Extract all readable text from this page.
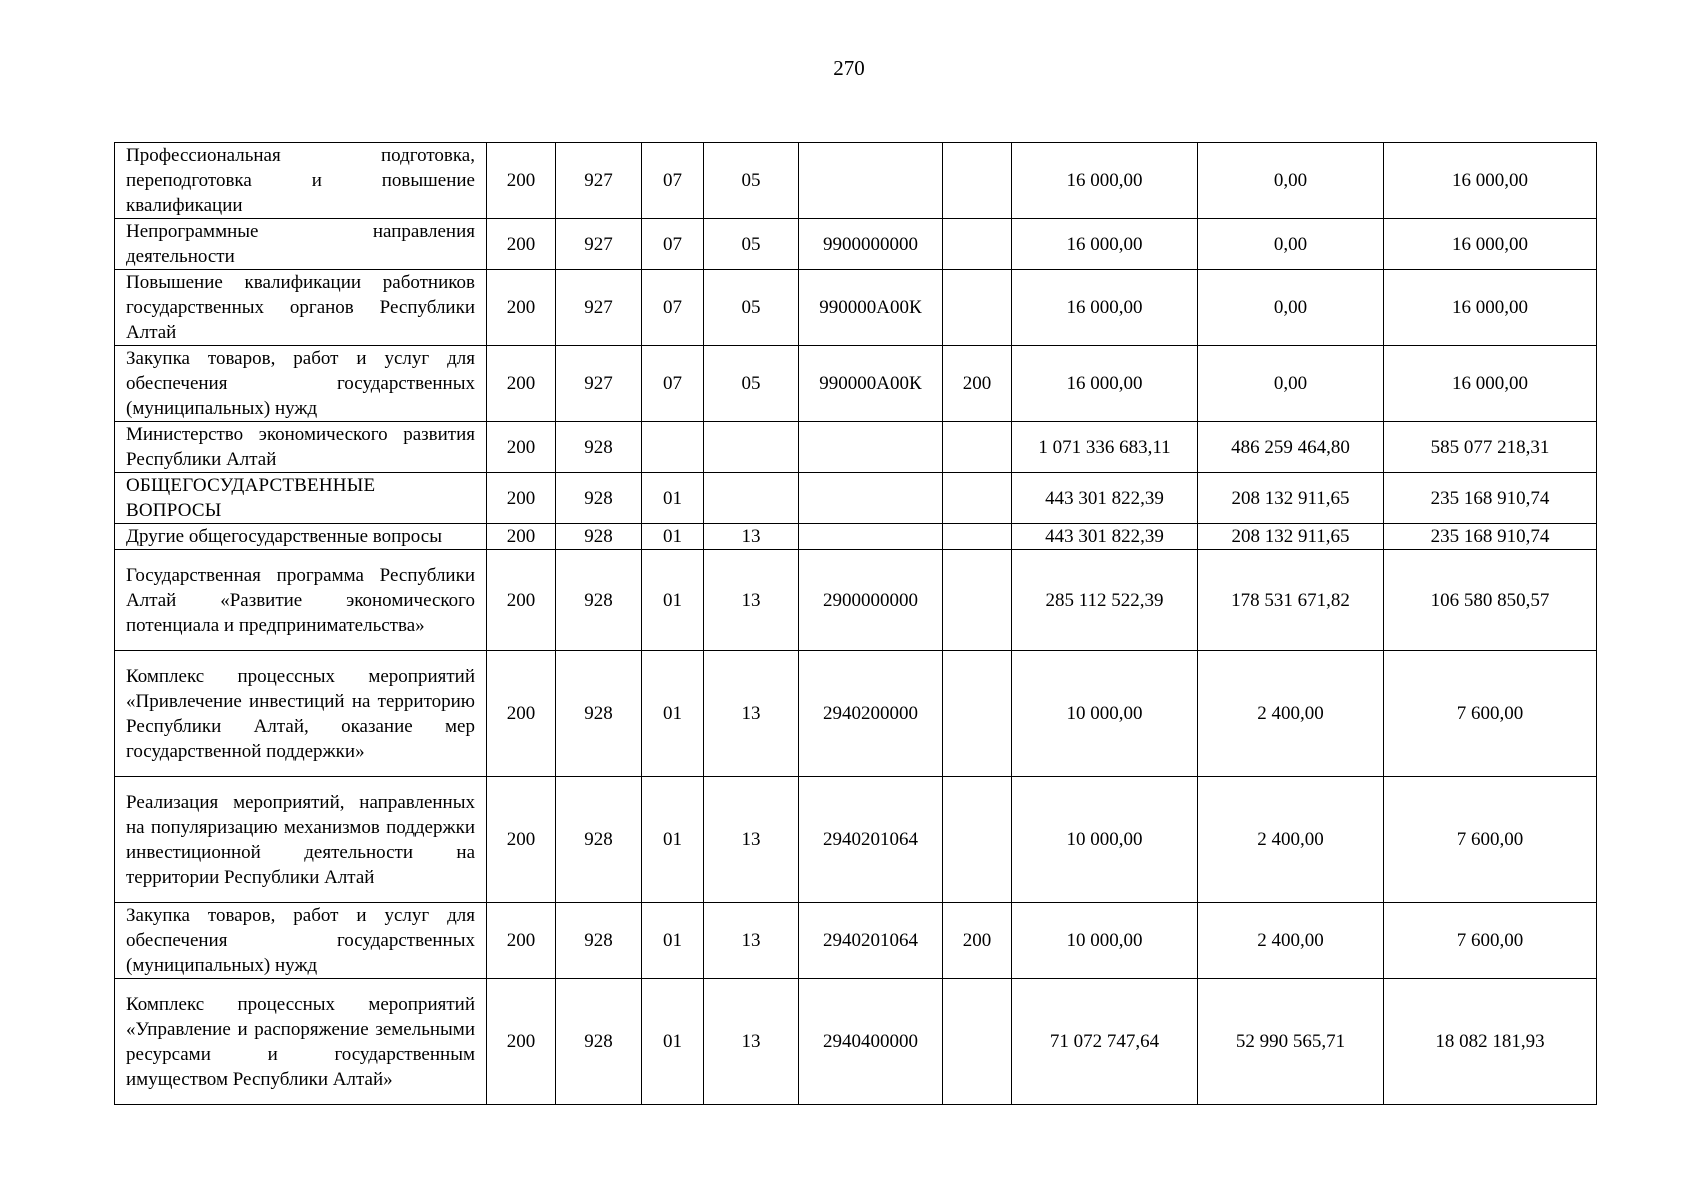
270
Профессиональная подготовка, переподготовка и повышение квалификации	200	927	07	05			16 000,00	0,00	16 000,00
Непрограммные направления деятельности	200	927	07	05	9900000000		16 000,00	0,00	16 000,00
Повышение квалификации работников государственных органов Республики Алтай	200	927	07	05	990000А00К		16 000,00	0,00	16 000,00
Закупка товаров, работ и услуг для обеспечения государственных (муниципальных) нужд	200	927	07	05	990000А00К	200	16 000,00	0,00	16 000,00
Министерство экономического развития Республики Алтай	200	928					1 071 336 683,11	486 259 464,80	585 077 218,31
ОБЩЕГОСУДАРСТВЕННЫЕ ВОПРОСЫ	200	928	01				443 301 822,39	208 132 911,65	235 168 910,74
Другие общегосударственные вопросы	200	928	01	13			443 301 822,39	208 132 911,65	235 168 910,74
Государственная программа Республики Алтай «Развитие экономического потенциала и предпринимательства»	200	928	01	13	2900000000		285 112 522,39	178 531 671,82	106 580 850,57
Комплекс процессных мероприятий «Привлечение инвестиций на территорию Республики Алтай, оказание мер государственной поддержки»	200	928	01	13	2940200000		10 000,00	2 400,00	7 600,00
Реализация мероприятий, направленных на популяризацию механизмов поддержки инвестиционной деятельности на территории Республики Алтай	200	928	01	13	2940201064		10 000,00	2 400,00	7 600,00
Закупка товаров, работ и услуг для обеспечения государственных (муниципальных) нужд	200	928	01	13	2940201064	200	10 000,00	2 400,00	7 600,00
Комплекс процессных мероприятий «Управление и распоряжение земельными ресурсами и государственным имуществом Республики Алтай»	200	928	01	13	2940400000		71 072 747,64	52 990 565,71	18 082 181,93
